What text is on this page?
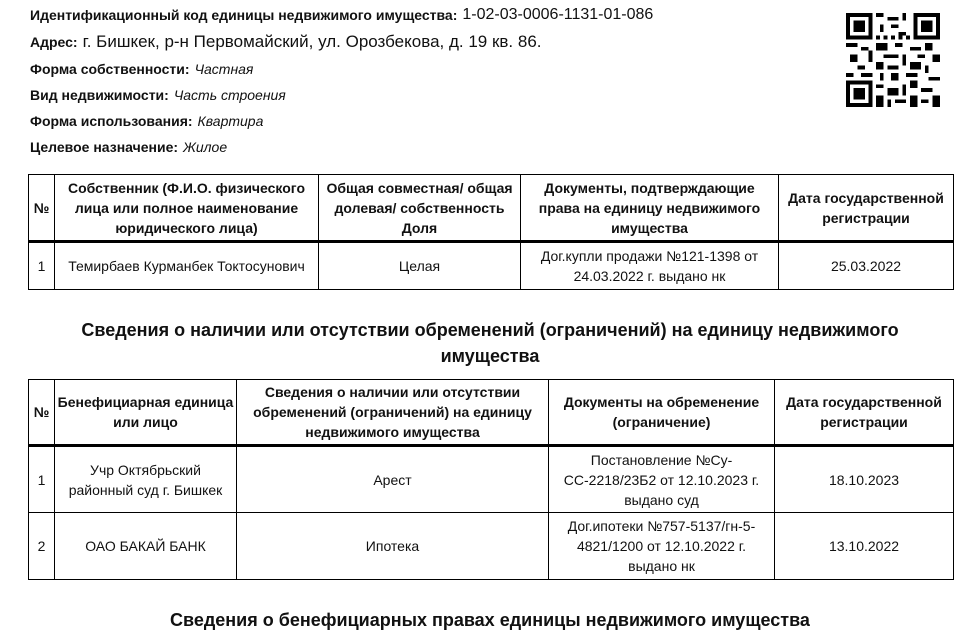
Идентификационный код единицы недвижимого имущества: 1-02-03-0006-1131-01-086
Адрес: г. Бишкек, р-н Первомайский, ул. Орозбекова, д. 19 кв. 86.
Форма собственности: Частная
Вид недвижимости: Часть строения
Форма использования: Квартира
Целевое назначение: Жилое
№	Собственник (Ф.И.О. физического лица или полное наименование юридического лица)	Общая совместная/ общая долевая/ собственность Доля	Документы, подтверждающие права на единицу недвижимого имущества	Дата государственной регистрации
1	Темирбаев Курманбек Токтосунович	Целая	Дог.купли продажи №121-1398 от 24.03.2022 г. выдано нк	25.03.2022
Сведения о наличии или отсутствии обременений (ограничений) на единицу недвижимого имущества
№	Бенефициарная единица или лицо	Сведения о наличии или отсутствии обременений (ограничений) на единицу недвижимого имущества	Документы на обременение (ограничение)	Дата государственной регистрации
1	Учр Октябрьский районный суд г. Бишкек	Арест	Постановление №Су-СС-2218/23Б2 от 12.10.2023 г. выдано суд	18.10.2023
2	ОАО БАКАЙ БАНК	Ипотека	Дог.ипотеки №757-5137/гн-5-4821/1200 от 12.10.2022 г. выдано нк	13.10.2022
Сведения о бенефициарных правах единицы недвижимого имущества
